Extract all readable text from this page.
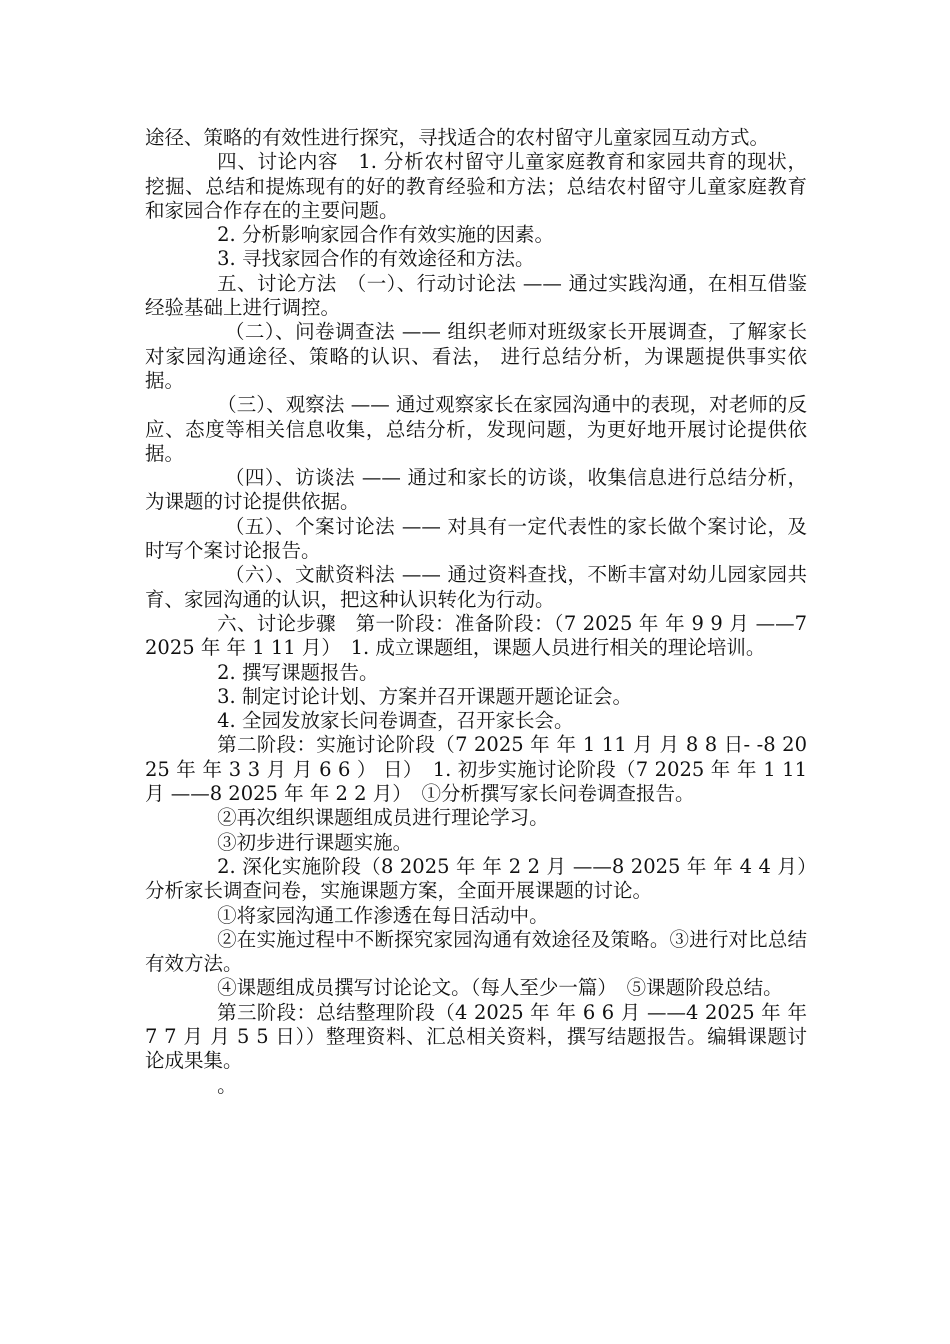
途径、策略的有效性进行探究，寻找适合的农村留守儿童家园互动方式。

四、讨论内容　1. 分析农村留守儿童家庭教育和家园共育的现状，挖掘、总结和提炼现有的好的教育经验和方法；总结农村留守儿童家庭教育和家园合作存在的主要问题。

2. 分析影响家园合作有效实施的因素。

3. 寻找家园合作的有效途径和方法。

五、讨论方法　（一）、行动讨论法 —— 通过实践沟通，在相互借鉴经验基础上进行调控。

（二）、问卷调查法 —— 组织老师对班级家长开展调查，了解家长对家园沟通途径、策略的认识、看法， 进行总结分析，为课题提供事实依据。

（三）、观察法 —— 通过观察家长在家园沟通中的表现，对老师的反应、态度等相关信息收集，总结分析，发现问题，为更好地开展讨论提供依据。

（四）、访谈法 —— 通过和家长的访谈，收集信息进行总结分析，为课题的讨论提供依据。

（五）、个案讨论法 —— 对具有一定代表性的家长做个案讨论，及时写个案讨论报告。

（六）、文献资料法 —— 通过资料查找，不断丰富对幼儿园家园共育、家园沟通的认识，把这种认识转化为行动。

六、讨论步骤　第一阶段：准备阶段：（7 2025 年 年 9 9 月 ——7 2025 年 年 1 11 月）　1. 成立课题组，课题人员进行相关的理论培训。

2. 撰写课题报告。

3. 制定讨论计划、方案并召开课题开题论证会。

4. 全园发放家长问卷调查，召开家长会。

第二阶段：实施讨论阶段（7 2025 年 年 1 11 月 月 8 8 日- -8 2025 年 年 3 3 月 月 6 6 ） 日）　1. 初步实施讨论阶段（7 2025 年 年 1 11 月 ——8 2025 年 年 2 2 月）　①分析撰写家长问卷调查报告。

②再次组织课题组成员进行理论学习。

③初步进行课题实施。

2. 深化实施阶段（8 2025 年 年 2 2 月 ——8 2025 年 年 4 4 月）分析家长调查问卷，实施课题方案，全面开展课题的讨论。

①将家园沟通工作渗透在每日活动中。

②在实施过程中不断探究家园沟通有效途径及策略。③进行对比总结有效方法。

④课题组成员撰写讨论论文。（每人至少一篇）　⑤课题阶段总结。

第三阶段：总结整理阶段（4 2025 年 年 6 6 月 ——4 2025 年 年 7 7 月 月 5 5 日））整理资料、汇总相关资料，撰写结题报告。编辑课题讨论成果集。

。
